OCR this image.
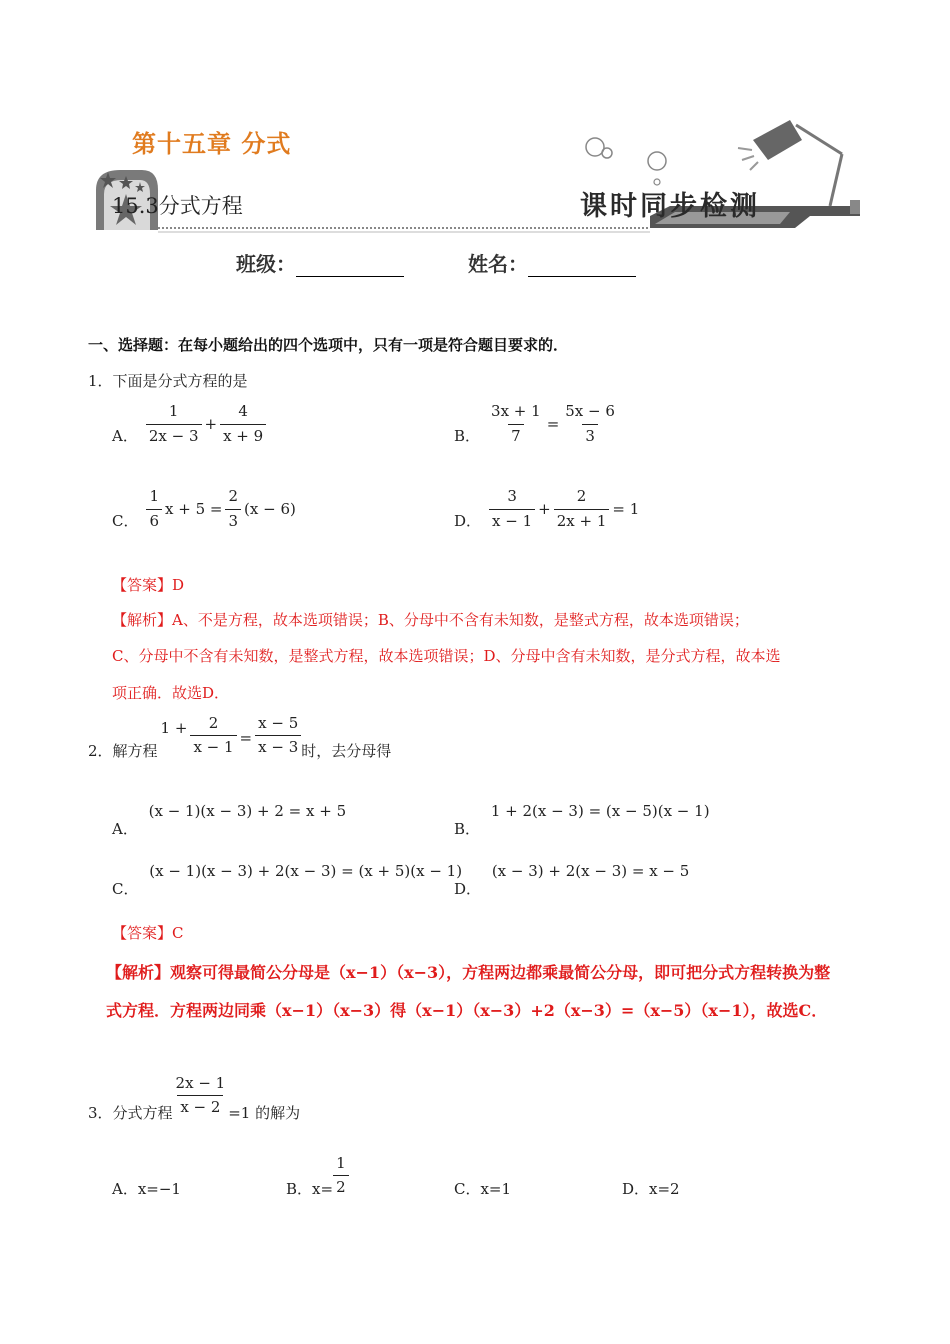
第十五章 分式
15.3分式方程	课时同步检测
班级：	姓名：
一、选择题：在每小题给出的四个选项中，只有一项是符合题目要求的．
1．下面是分式方程的是
A． $\frac{1}{2x - 3} + \frac{4}{x + 9}$	B． $\frac{3x + 1}{7} = \frac{5x - 6}{3}$
C． $\frac{1}{6}$ $x + 5 = \frac{2}{3} (x - 6)$
D． $\frac{3}{x - 1} + \frac{2}{2x + 1} = 1$
【答案】D
【解析】A、不是方程，故本选项错误；B、分母中不含有未知数，是整式方程，故本选项错误；
C、分母中不含有未知数，是整式方程，故本选项错误；D、分母中含有未知数，是分式方程，故本选
项正确．故选D．
2．解方程
$1 + \frac{2}{x - 1} = \frac{x - 5}{x - 3}$ 时，去分母得
A． (x − 1)(x − 3) + 2 = x + 5
B． 1 + 2(x − 3) = (x − 5)(x − 1)
C． (x − 1)(x − 3) + 2(x − 3) = (x + 5)(x − 1)
D． (x − 3) + 2(x − 3) = x − 5
【答案】C
【解析】观察可得最简公分母是（x−1）（x−3），方程两边都乘最简公分母，即可把分式方程转换为整
式方程．方程两边同乘（x−1）（x−3）得（x−1）（x−3）+2（x−3）=（x−5）（x−1），故选C．
3．分式方程 $\frac{2x - 1}{x - 2} =1$ 的解为
A．x=−1	B．$x= \frac{1}{2}$	C．x=1	D．x=2
